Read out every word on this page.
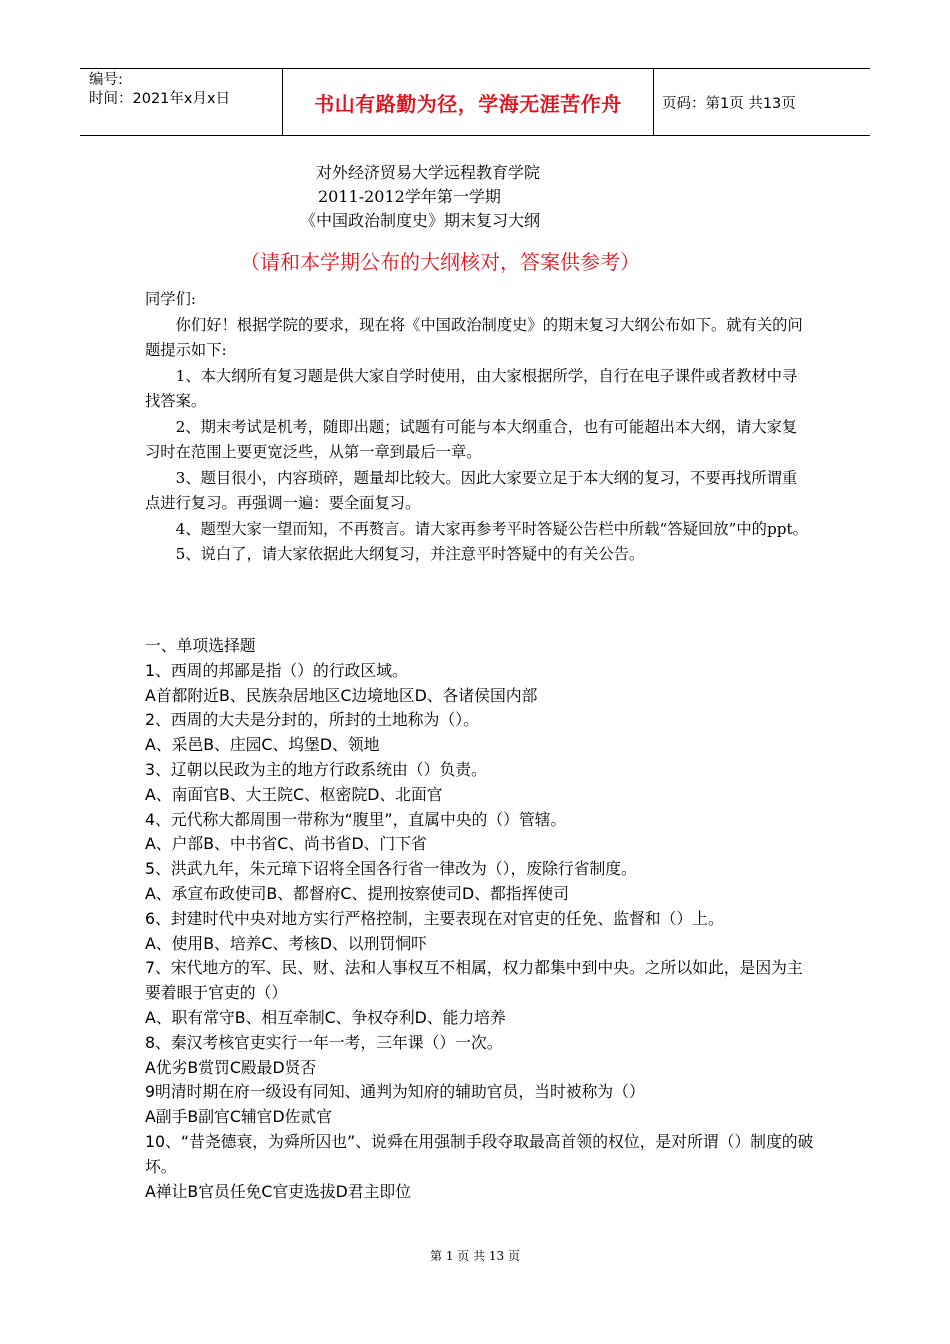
编号:
时间：2021年x月x日	书山有路勤为径，学海无涯苦作舟	页码：第1页 共13页
对外经济贸易大学远程教育学院
2011-2012学年第一学期
《中国政治制度史》期末复习大纲
（请和本学期公布的大纲核对，答案供参考）

同学们:

你们好！根据学院的要求，现在将《中国政治制度史》的期末复习大纲公布如下。就有关的问题提示如下:

1、本大纲所有复习题是供大家自学时使用，由大家根据所学，自行在电子课件或者教材中寻找答案。

2、期末考试是机考，随即出题；试题有可能与本大纲重合，也有可能超出本大纲，请大家复习时在范围上要更宽泛些，从第一章到最后一章。

3、题目很小，内容琐碎，题量却比较大。因此大家要立足于本大纲的复习，不要再找所谓重点进行复习。再强调一遍：要全面复习。

4、题型大家一望而知，不再赘言。请大家再参考平时答疑公告栏中所载“答疑回放”中的ppt。

5、说白了，请大家依据此大纲复习，并注意平时答疑中的有关公告。

一、单项选择题
1、西周的邦鄙是指（）的行政区域。
A首都附近B、民族杂居地区C边境地区D、各诸侯国内部
2、西周的大夫是分封的，所封的土地称为（）。
A、采邑B、庄园C、坞堡D、领地
3、辽朝以民政为主的地方行政系统由（）负责。
A、南面官B、大王院C、枢密院D、北面官
4、元代称大都周围一带称为“腹里”，直属中央的（）管辖。
A、户部B、中书省C、尚书省D、门下省
5、洪武九年，朱元璋下诏将全国各行省一律改为（），废除行省制度。
A、承宣布政使司B、都督府C、提刑按察使司D、都指挥使司
6、封建时代中央对地方实行严格控制，主要表现在对官吏的任免、监督和（）上。
A、使用B、培养C、考核D、以刑罚恫吓
7、宋代地方的军、民、财、法和人事权互不相属，权力都集中到中央。之所以如此，是因为主要着眼于官吏的（）
A、职有常守B、相互牵制C、争权夺利D、能力培养
8、秦汉考核官吏实行一年一考，三年课（）一次。
A优劣B赏罚C殿最D贤否
9明清时期在府一级设有同知、通判为知府的辅助官员，当时被称为（）
A副手B副官C辅官D佐贰官
10、“昔尧德衰，为舜所囚也”、说舜在用强制手段夺取最高首领的权位，是对所谓（）制度的破坏。
A禅让B官员任免C官吏选拔D君主即位
第 1 页 共 13 页
